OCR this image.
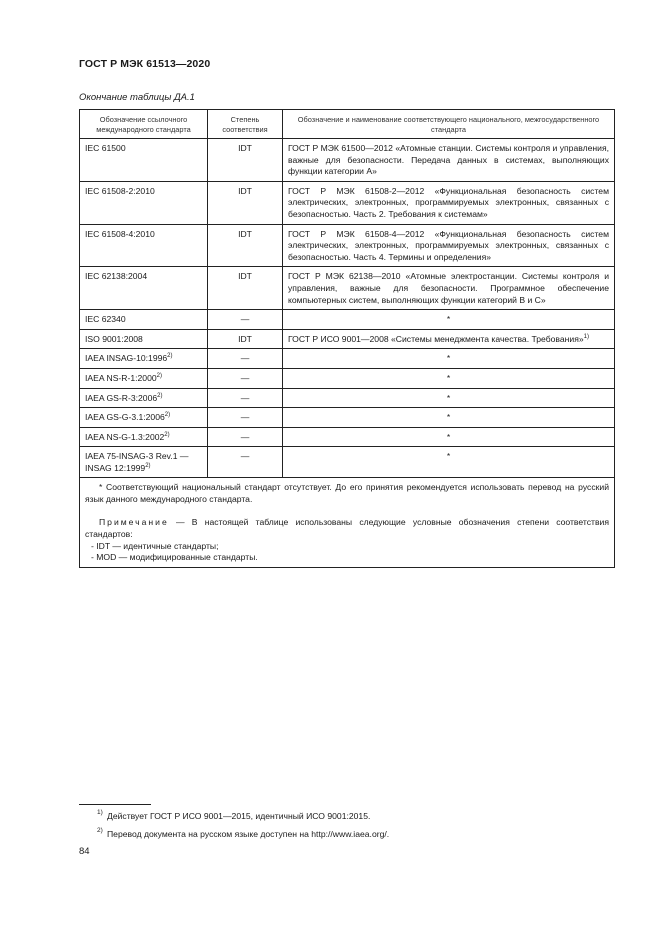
ГОСТ Р МЭК 61513—2020
Окончание таблицы ДА.1
Обозначение ссылочного международного стандарта	Степень соответствия	Обозначение и наименование соответствующего национального, межгосударственного стандарта
IEC 61500	IDT	ГОСТ Р МЭК 61500—2012 «Атомные станции. Системы контроля и управления, важные для безопасности. Передача данных в системах, выполняющих функции категории А»
IEC 61508-2:2010	IDT	ГОСТ Р МЭК 61508-2—2012 «Функциональная безопасность систем электрических, электронных, программируемых электронных, связанных с безопасностью. Часть 2. Требования к системам»
IEC 61508-4:2010	IDT	ГОСТ Р МЭК 61508-4—2012 «Функциональная безопасность систем электрических, электронных, программируемых электронных, связанных с безопасностью. Часть 4. Термины и определения»
IEC 62138:2004	IDT	ГОСТ Р МЭК 62138—2010 «Атомные электростанции. Системы контроля и управления, важные для безопасности. Программное обеспечение компьютерных систем, выполняющих функции категорий В и С»
IEC 62340	—	*
ISO 9001:2008	IDT	ГОСТ Р ИСО 9001—2008 «Системы менеджмента качества. Требования»$^{1)}$
IAEA INSAG-10:1996$^{2)}$	—	*
IAEA NS-R-1:2000$^{2)}$	—	*
IAEA GS-R-3:2006$^{2)}$	—	*
IAEA GS-G-3.1:2006$^{2)}$	—	*
IAEA NS-G-1.3:2002$^{2)}$	—	*
IAEA 75-INSAG-3 Rev.1 — INSAG 12:1999$^{2)}$	—	*

* Соответствующий национальный стандарт отсутствует. До его принятия рекомендуется использовать перевод на русский язык данного международного стандарта.

Примечание — В настоящей таблице использованы следующие условные обозначения степени соответствия стандартов:

- IDT — идентичные стандарты;
- MOD — модифицированные стандарты.		
1) Действует ГОСТ Р ИСО 9001—2015, идентичный ИСО 9001:2015.
2) Перевод документа на русском языке доступен на http://www.iaea.org/.
84
